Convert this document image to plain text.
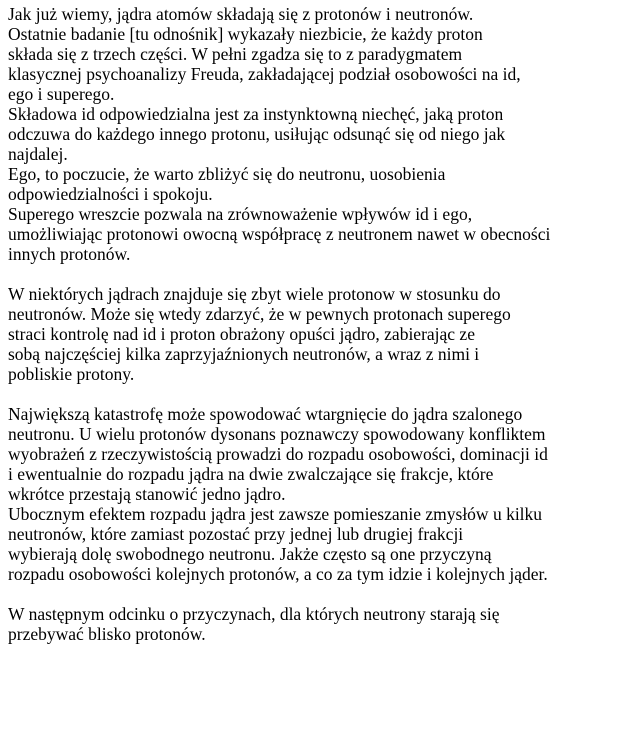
Jak już wiemy, jądra atomów składają się z protonów i neutronów.
Ostatnie badanie [tu odnośnik] wykazały niezbicie, że każdy proton
składa się z trzech części. W pełni zgadza się to z paradygmatem
klasycznej psychoanalizy Freuda, zakładającej podział osobowości na id,
ego i superego.
Składowa id odpowiedzialna jest za instynktowną niechęć, jaką proton
odczuwa do każdego innego protonu, usiłując odsunąć się od niego jak
najdalej.
Ego, to poczucie, że warto zbliżyć się do neutronu, uosobienia
odpowiedzialności i spokoju.
Superego wreszcie pozwala na zrównoważenie wpływów id i ego,
umożliwiając protonowi owocną współpracę z neutronem nawet w obecności
innych protonów.
W niektórych jądrach znajduje się zbyt wiele protonow w stosunku do
neutronów. Może się wtedy zdarzyć, że w pewnych protonach superego
straci kontrolę nad id i proton obrażony opuści jądro, zabierając ze
sobą najczęściej kilka zaprzyjaźnionych neutronów, a wraz z nimi i
pobliskie protony.
Największą katastrofę może spowodować wtargnięcie do jądra szalonego
neutronu. U wielu protonów dysonans poznawczy spowodowany konfliktem
wyobrażeń z rzeczywistością prowadzi do rozpadu osobowości, dominacji id
i ewentualnie do rozpadu jądra na dwie zwalczające się frakcje, które
wkrótce przestają stanowić jedno jądro.
Ubocznym efektem rozpadu jądra jest zawsze pomieszanie zmysłów u kilku
neutronów, które zamiast pozostać przy jednej lub drugiej frakcji
wybierają dolę swobodnego neutronu. Jakże często są one przyczyną
rozpadu osobowości kolejnych protonów, a co za tym idzie i kolejnych jąder.
W następnym odcinku o przyczynach, dla których neutrony starają się
przebywać blisko protonów.
